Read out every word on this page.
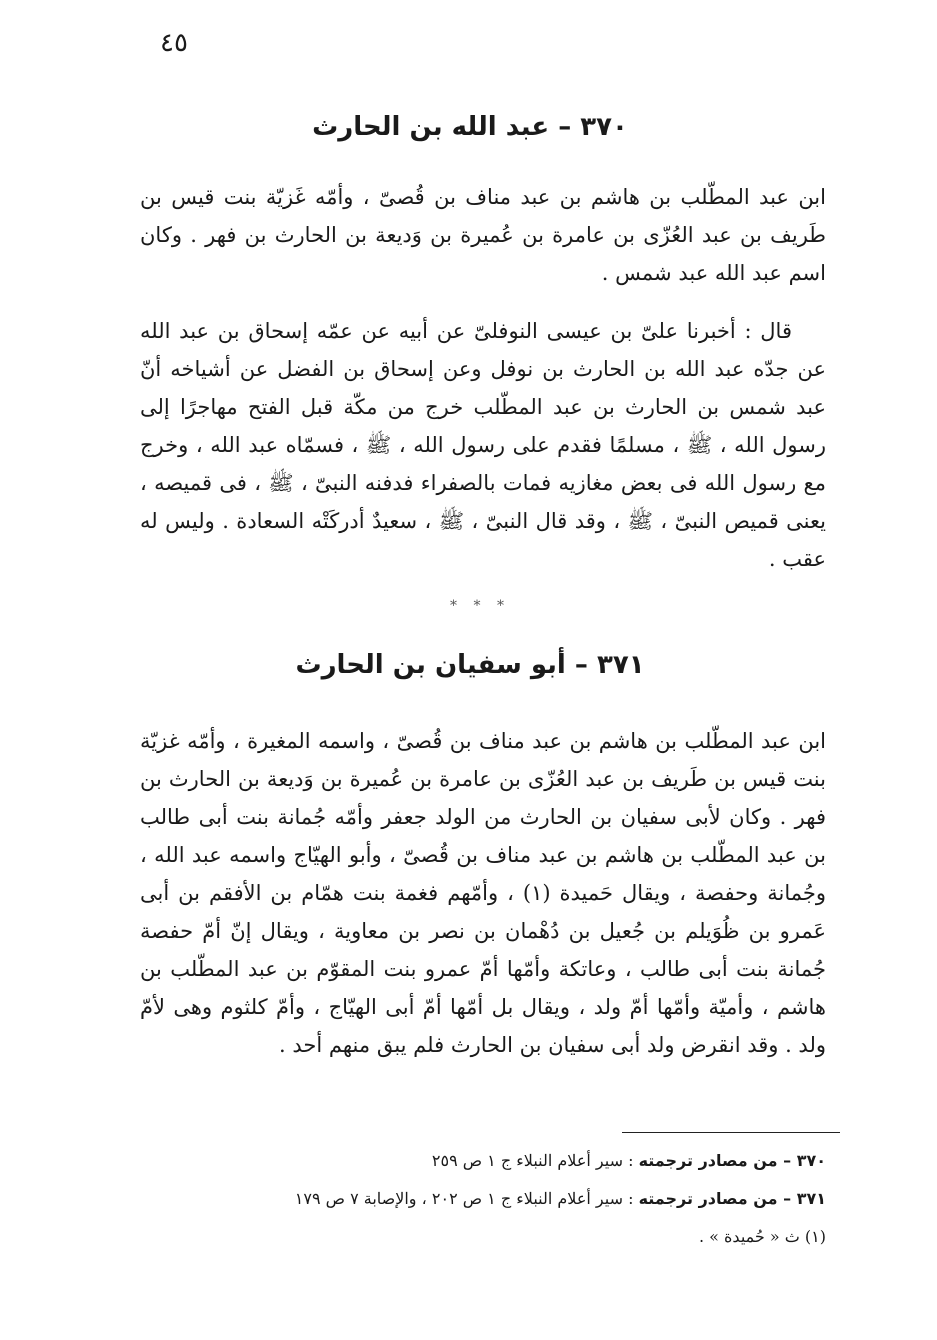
٤٥
٣٧٠ – عبد الله بن الحارث

ابن عبد المطّلب بن هاشم بن عبد مناف بن قُصىّ ، وأمّه غَزيّة بنت قيس بن طَريف بن عبد العُزّى بن عامرة بن عُميرة بن وَديعة بن الحارث بن فهر . وكان اسم عبد الله عبد شمس .

قال : أخبرنا علىّ بن عيسى النوفلىّ عن أبيه عن عمّه إسحاق بن عبد الله عن جدّه عبد الله بن الحارث بن نوفل وعن إسحاق بن الفضل عن أشياخه أنّ عبد شمس بن الحارث بن عبد المطّلب خرج من مكّة قبل الفتح مهاجرًا إلى رسول الله ، ﷺ ، مسلمًا فقدم على رسول الله ، ﷺ ، فسمّاه عبد الله ، وخرج مع رسول الله فى بعض مغازيه فمات بالصفراء فدفنه النبىّ ، ﷺ ، فى قميصه ، يعنى قميص النبىّ ، ﷺ ، وقد قال النبىّ ، ﷺ ، سعيدٌ أدركَتْه السعادة . وليس له عقب .

* * *
٣٧١ – أبو سفيان بن الحارث

ابن عبد المطّلب بن هاشم بن عبد مناف بن قُصىّ ، واسمه المغيرة ، وأمّه غزيّة بنت قيس بن طَريف بن عبد العُزّى بن عامرة بن عُميرة بن وَديعة بن الحارث بن فهر . وكان لأبى سفيان بن الحارث من الولد جعفر وأمّه جُمانة بنت أبى طالب بن عبد المطّلب بن هاشم بن عبد مناف بن قُصىّ ، وأبو الهيّاج واسمه عبد الله ، وجُمانة وحفصة ، ويقال حَميدة (١) ، وأمّهم فغمة بنت همّام بن الأفقم بن أبى عَمرو بن ظُوَيلم بن جُعيل بن دُهْمان بن نصر بن معاوية ، ويقال إنّ أمّ حفصة جُمانة بنت أبى طالب ، وعاتكة وأمّها أمّ عمرو بنت المقوّم بن عبد المطّلب بن هاشم ، وأميّة وأمّها أمّ ولد ، ويقال بل أمّها أمّ أبى الهيّاج ، وأمّ كلثوم وهى لأمّ ولد . وقد انقرض ولد أبى سفيان بن الحارث فلم يبق منهم أحد .

٣٧٠ – من مصادر ترجمته : سير أعلام النبلاء ج ١ ص ٢٥٩

٣٧١ – من مصادر ترجمته : سير أعلام النبلاء ج ١ ص ٢٠٢ ، والإصابة ٧ ص ١٧٩

(١) ث « حُميدة » .
